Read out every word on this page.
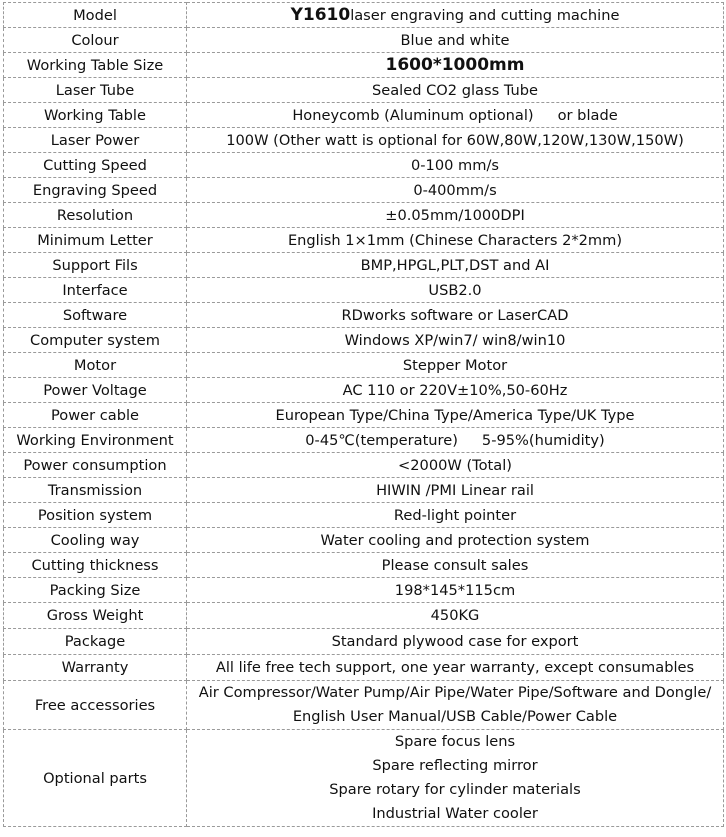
Model	Y1610laser engraving and cutting machine
Colour	Blue and white
Working Table Size	1600*1000mm
Laser Tube	Sealed CO2 glass Tube
Working Table	Honeycomb (Aluminum optional) or blade
Laser Power	100W (Other watt is optional for 60W,80W,120W,130W,150W)
Cutting Speed	0-100 mm/s
Engraving Speed	0-400mm/s
Resolution	±0.05mm/1000DPI
Minimum Letter	English 1×1mm (Chinese Characters 2*2mm)
Support Fils	BMP,HPGL,PLT,DST and AI
Interface	USB2.0
Software	RDworks software or LaserCAD
Computer system	Windows XP/win7/ win8/win10
Motor	Stepper Motor
Power Voltage	AC 110 or 220V±10%,50-60Hz
Power cable	European Type/China Type/America Type/UK Type
Working Environment	0-45℃(temperature) 5-95%(humidity)
Power consumption	<2000W (Total)
Transmission	HIWIN /PMI Linear rail
Position system	Red-light pointer
Cooling way	Water cooling and protection system
Cutting thickness	Please consult sales
Packing Size	198*145*115cm
Gross Weight	450KG
Package	Standard plywood case for export
Warranty	All life free tech support, one year warranty, except consumables
Free accessories	Air Compressor/Water Pump/Air Pipe/Water Pipe/Software and Dongle/
English User Manual/USB Cable/Power Cable

Optional parts	Spare focus lens
Spare reflecting mirror
Spare rotary for cylinder materials
Industrial Water cooler
